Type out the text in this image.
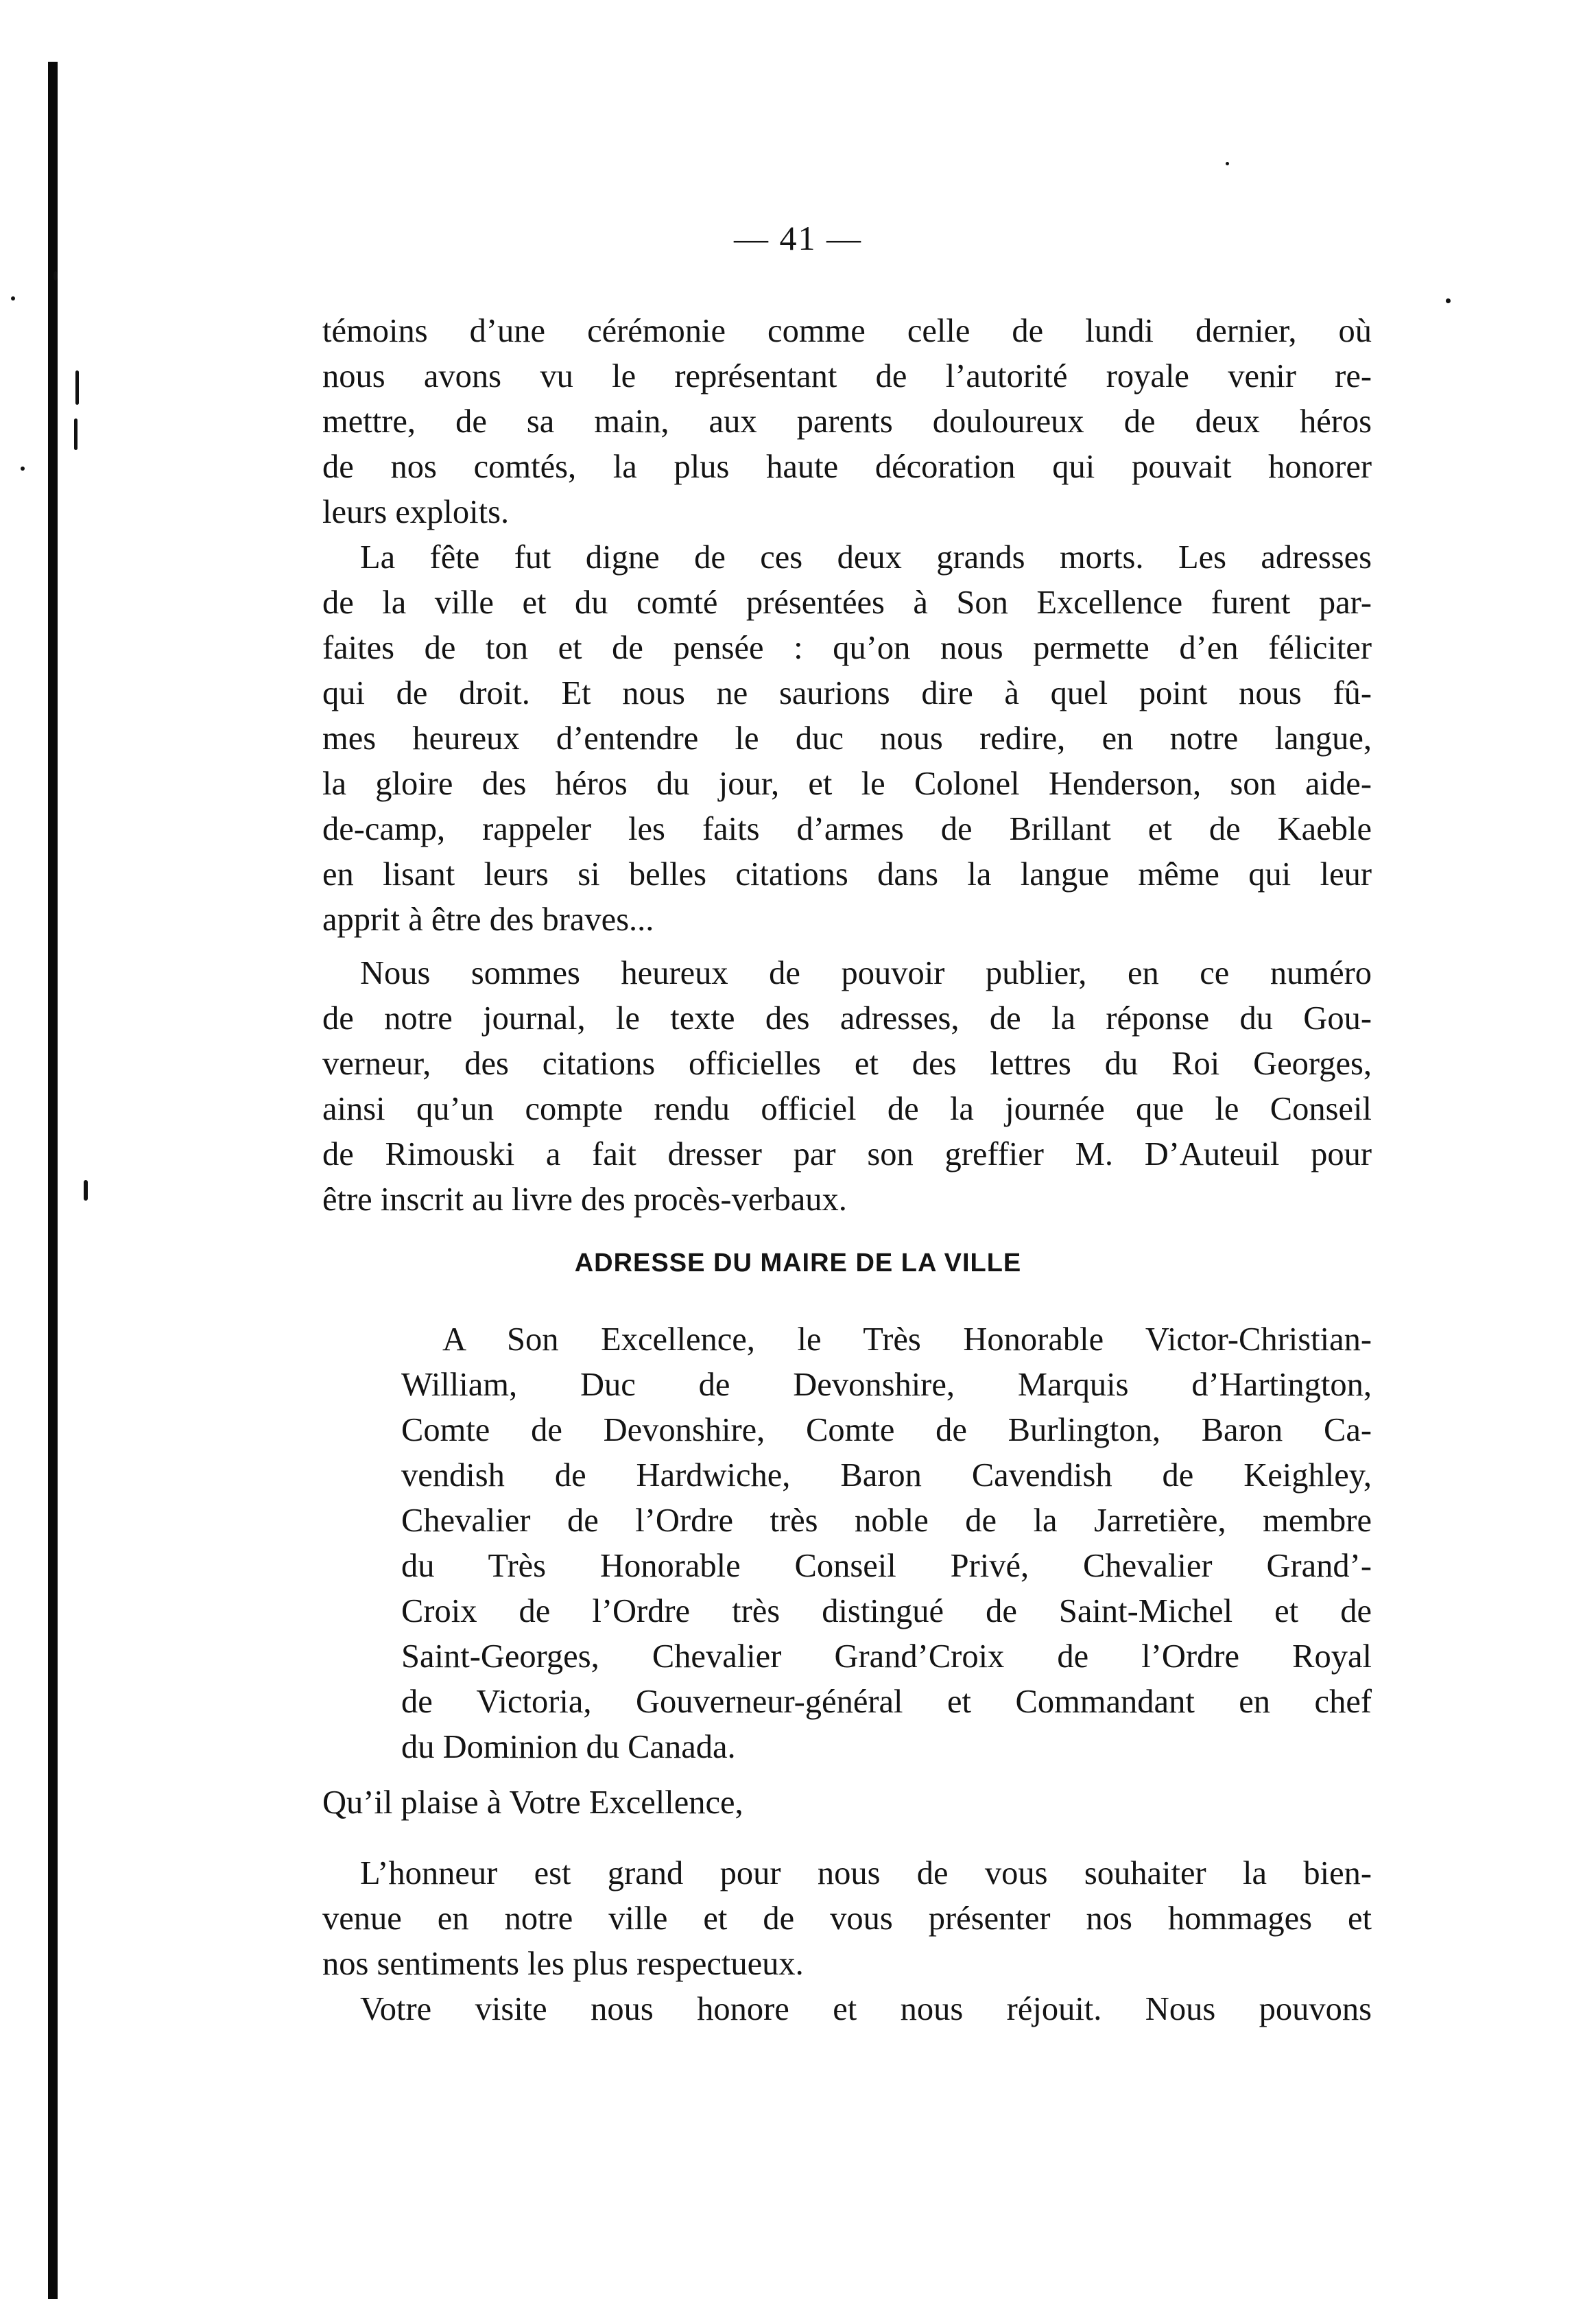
— 41 —
témoins d’une cérémonie comme celle de lundi dernier, où
nous avons vu le représentant de l’autorité royale venir re-
mettre, de sa main, aux parents douloureux de deux héros
de nos comtés, la plus haute décoration qui pouvait honorer
leurs exploits.
La fête fut digne de ces deux grands morts. Les adresses
de la ville et du comté présentées à Son Excellence furent par-
faites de ton et de pensée : qu’on nous permette d’en féliciter
qui de droit. Et nous ne saurions dire à quel point nous fû-
mes heureux d’entendre le duc nous redire, en notre langue,
la gloire des héros du jour, et le Colonel Henderson, son aide-
de-camp, rappeler les faits d’armes de Brillant et de Kaeble
en lisant leurs si belles citations dans la langue même qui leur
apprit à être des braves...
Nous sommes heureux de pouvoir publier, en ce numéro
de notre journal, le texte des adresses, de la réponse du Gou-
verneur, des citations officielles et des lettres du Roi Georges,
ainsi qu’un compte rendu officiel de la journée que le Conseil
de Rimouski a fait dresser par son greffier M. D’Auteuil pour
être inscrit au livre des procès-verbaux.
ADRESSE DU MAIRE DE LA VILLE
A Son Excellence, le Très Honorable Victor-Christian-
William, Duc de Devonshire, Marquis d’Hartington,
Comte de Devonshire, Comte de Burlington, Baron Ca-
vendish de Hardwiche, Baron Cavendish de Keighley,
Chevalier de l’Ordre très noble de la Jarretière, membre
du Très Honorable Conseil Privé, Chevalier Grand’-
Croix de l’Ordre très distingué de Saint-Michel et de
Saint-Georges, Chevalier Grand’Croix de l’Ordre Royal
de Victoria, Gouverneur-général et Commandant en chef
du Dominion du Canada.
Qu’il plaise à Votre Excellence,
L’honneur est grand pour nous de vous souhaiter la bien-
venue en notre ville et de vous présenter nos hommages et
nos sentiments les plus respectueux.
Votre visite nous honore et nous réjouit. Nous pouvons
